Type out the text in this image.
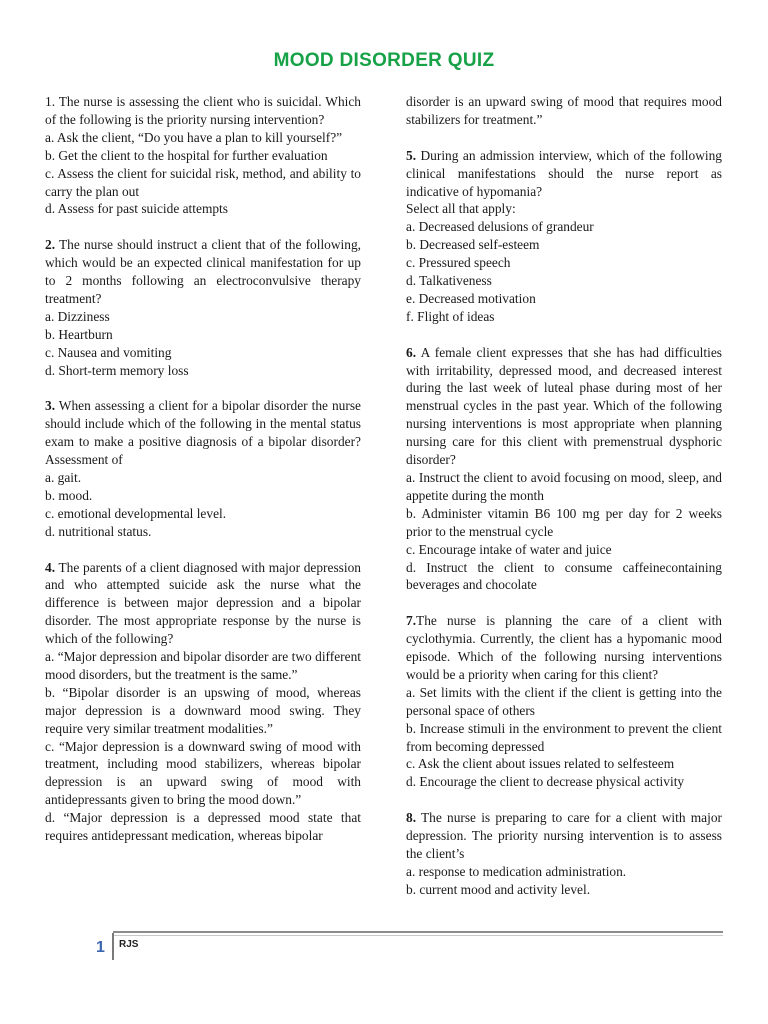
MOOD DISORDER QUIZ

1. The nurse is assessing the client who is suicidal. Which of the following is the priority nursing intervention?

a. Ask the client, “Do you have a plan to kill yourself?”

b. Get the client to the hospital for further evaluation

c. Assess the client for suicidal risk, method, and ability to carry the plan out

d. Assess for past suicide attempts

2. The nurse should instruct a client that of the following, which would be an expected clinical manifestation for up to 2 months following an electroconvulsive therapy treatment?

a. Dizziness

b. Heartburn

c. Nausea and vomiting

d. Short-term memory loss

3. When assessing a client for a bipolar disorder the nurse should include which of the following in the mental status exam to make a positive diagnosis of a bipolar disorder? Assessment of

a. gait.

b. mood.

c. emotional developmental level.

d. nutritional status.

4. The parents of a client diagnosed with major depression and who attempted suicide ask the nurse what the difference is between major depression and a bipolar disorder. The most appropriate response by the nurse is which of the following?

a. “Major depression and bipolar disorder are two different mood disorders, but the treatment is the same.”

b. “Bipolar disorder is an upswing of mood, whereas major depression is a downward mood swing. They require very similar treatment modalities.”

c. “Major depression is a downward swing of mood with treatment, including mood stabilizers, whereas bipolar depression is an upward swing of mood with antidepressants given to bring the mood down.”

d. “Major depression is a depressed mood state that requires antidepressant medication, whereas bipolar

disorder is an upward swing of mood that requires mood stabilizers for treatment.”

5. During an admission interview, which of the following clinical manifestations should the nurse report as indicative of hypomania?

Select all that apply:

a. Decreased delusions of grandeur

b. Decreased self-esteem

c. Pressured speech

d. Talkativeness

e. Decreased motivation

f. Flight of ideas

6. A female client expresses that she has had difficulties with irritability, depressed mood, and decreased interest during the last week of luteal phase during most of her menstrual cycles in the past year. Which of the following nursing interventions is most appropriate when planning nursing care for this client with premenstrual dysphoric disorder?

a. Instruct the client to avoid focusing on mood, sleep, and appetite during the month

b. Administer vitamin B6 100 mg per day for 2 weeks prior to the menstrual cycle

c. Encourage intake of water and juice

d. Instruct the client to consume caffeinecontaining beverages and chocolate

7.The nurse is planning the care of a client with cyclothymia. Currently, the client has a hypomanic mood episode. Which of the following nursing interventions would be a priority when caring for this client?

a. Set limits with the client if the client is getting into the personal space of others

b. Increase stimuli in the environment to prevent the client from becoming depressed

c. Ask the client about issues related to selfesteem

d. Encourage the client to decrease physical activity

8. The nurse is preparing to care for a client with major depression. The priority nursing intervention is to assess the client’s

a. response to medication administration.

b. current mood and activity level.

1 RJS
